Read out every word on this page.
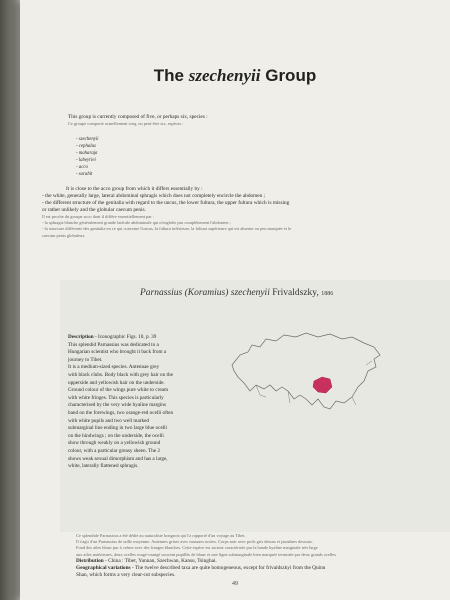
The szechenyii Group
This group is currently composed of five, or perhaps six, species :
Ce groupe comporte actuellement cinq, ou peut-être six, espèces :
- szechenyii
- cephalus
- maharaja
- labeyriei
- acco
- sorabit
It is close to the acco group from which it differs essentially by :
- the white, generally large, lateral abdominal sphragis which does not completely encircle the abdomen ;
- the different structure of the genitalia with regard to the uncus, the lower fultura, the upper fultura which is missing
or rather unlikely and the globular caecum penis.
Il est proche du groupe acco dont il diffère essentiellement par :
- la sphragis blanche généralement grande latérale abdominale qui n'englobe pas complètement l'abdomen ;
- la structure différente des genitalia en ce qui concerne l'uncus, la fultura inférieure, la fultura supérieure qui est absente ou peu marquée et le
caecum penis globuleux.
Parnassius (Koramius) szechenyii Frivaldszky, 1886
Description - Iconographic Figs. 10, p. 39
This splendid Parnassius was dedicated to a
Hungarian scientist who brought it back from a
journey to Tibet.
It is a medium-sized species. Antennae grey
with black clubs. Body black with grey hair on the
upperside and yellowish hair on the underside.
Ground colour of the wings pure white to cream
with white fringes. This species is particularly
characterised by the very wide hyaline margins
band on the forewings, two orange-red ocelli often
with white pupils and two well marked
submarginal line ending in two large blue ocelli
on the hindwings ; on the underside, the ocelli
show through weakly on a yellowish ground
colour, with a particular greasy sheen. The 2
shows weak sexual dimorphism and has a large,
white, laterally flattened sphragis.
Ce splendide Parnassius a été dédié au naturaliste hongrois qui l'a rapporté d'un voyage au Tibet.
Il s'agit d'un Parnassius de taille moyenne. Antennes grises avec massues noires. Corps noir avec poils gris dessus et jaunâtres dessous.
Fond des ailes blanc pur à crème avec des franges blanches. Cette espèce est surtout caractérisée par la bande hyaline marginale très large
aux ailes antérieures, deux ocelles rouge-orangé souvent pupillés de blanc et une ligne submarginale bien marquée terminée par deux grands ocelles
Distribution - China : Tibet, Yunnan, Szechwan, Kansu, Tsinghai.
Geographical variations - The twelve described taxa are quite homogeneous, except for frivaldszkyi from the Quinn
Shan, which forms a very clear-cut subspecies.
49
